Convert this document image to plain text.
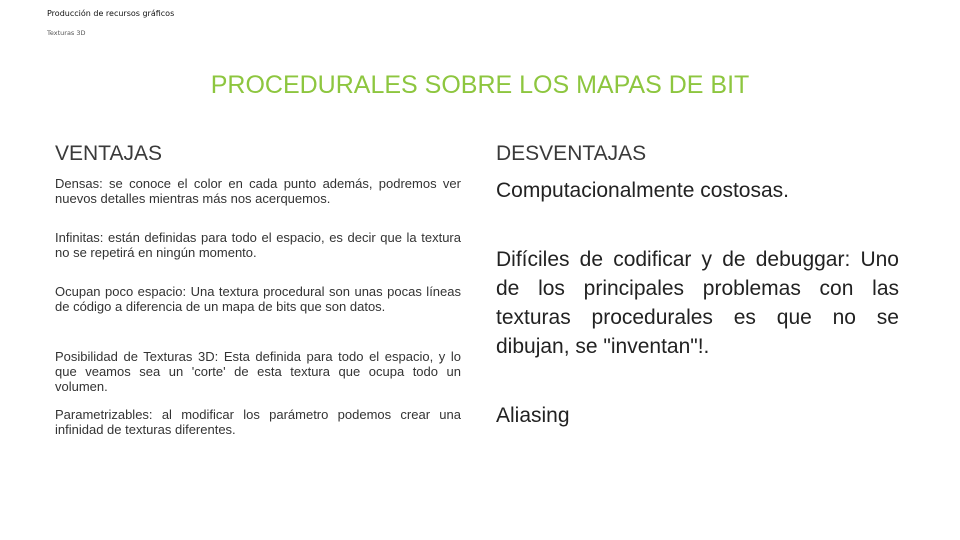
Producción de recursos gráficos
Texturas 3D
PROCEDURALES SOBRE LOS MAPAS DE BIT
VENTAJAS	DESVENTAJAS

Densas: se conoce el color en cada punto además, podremos ver nuevos detalles mientras más nos acerquemos.

Infinitas: están definidas para todo el espacio, es decir que la textura no se repetirá en ningún momento.

Ocupan poco espacio: Una textura procedural son unas pocas líneas de código a diferencia de un mapa de bits que son datos.

Posibilidad de Texturas 3D: Esta definida para todo el espacio, y lo que veamos sea un 'corte' de esta textura que ocupa todo un volumen.

Parametrizables: al modificar los parámetro podemos crear una infinidad de texturas diferentes.

Computacionalmente costosas.

Difíciles de codificar y de debuggar: Uno de los principales problemas con las texturas procedurales es que no se dibujan, se "inventan"!.

Aliasing
